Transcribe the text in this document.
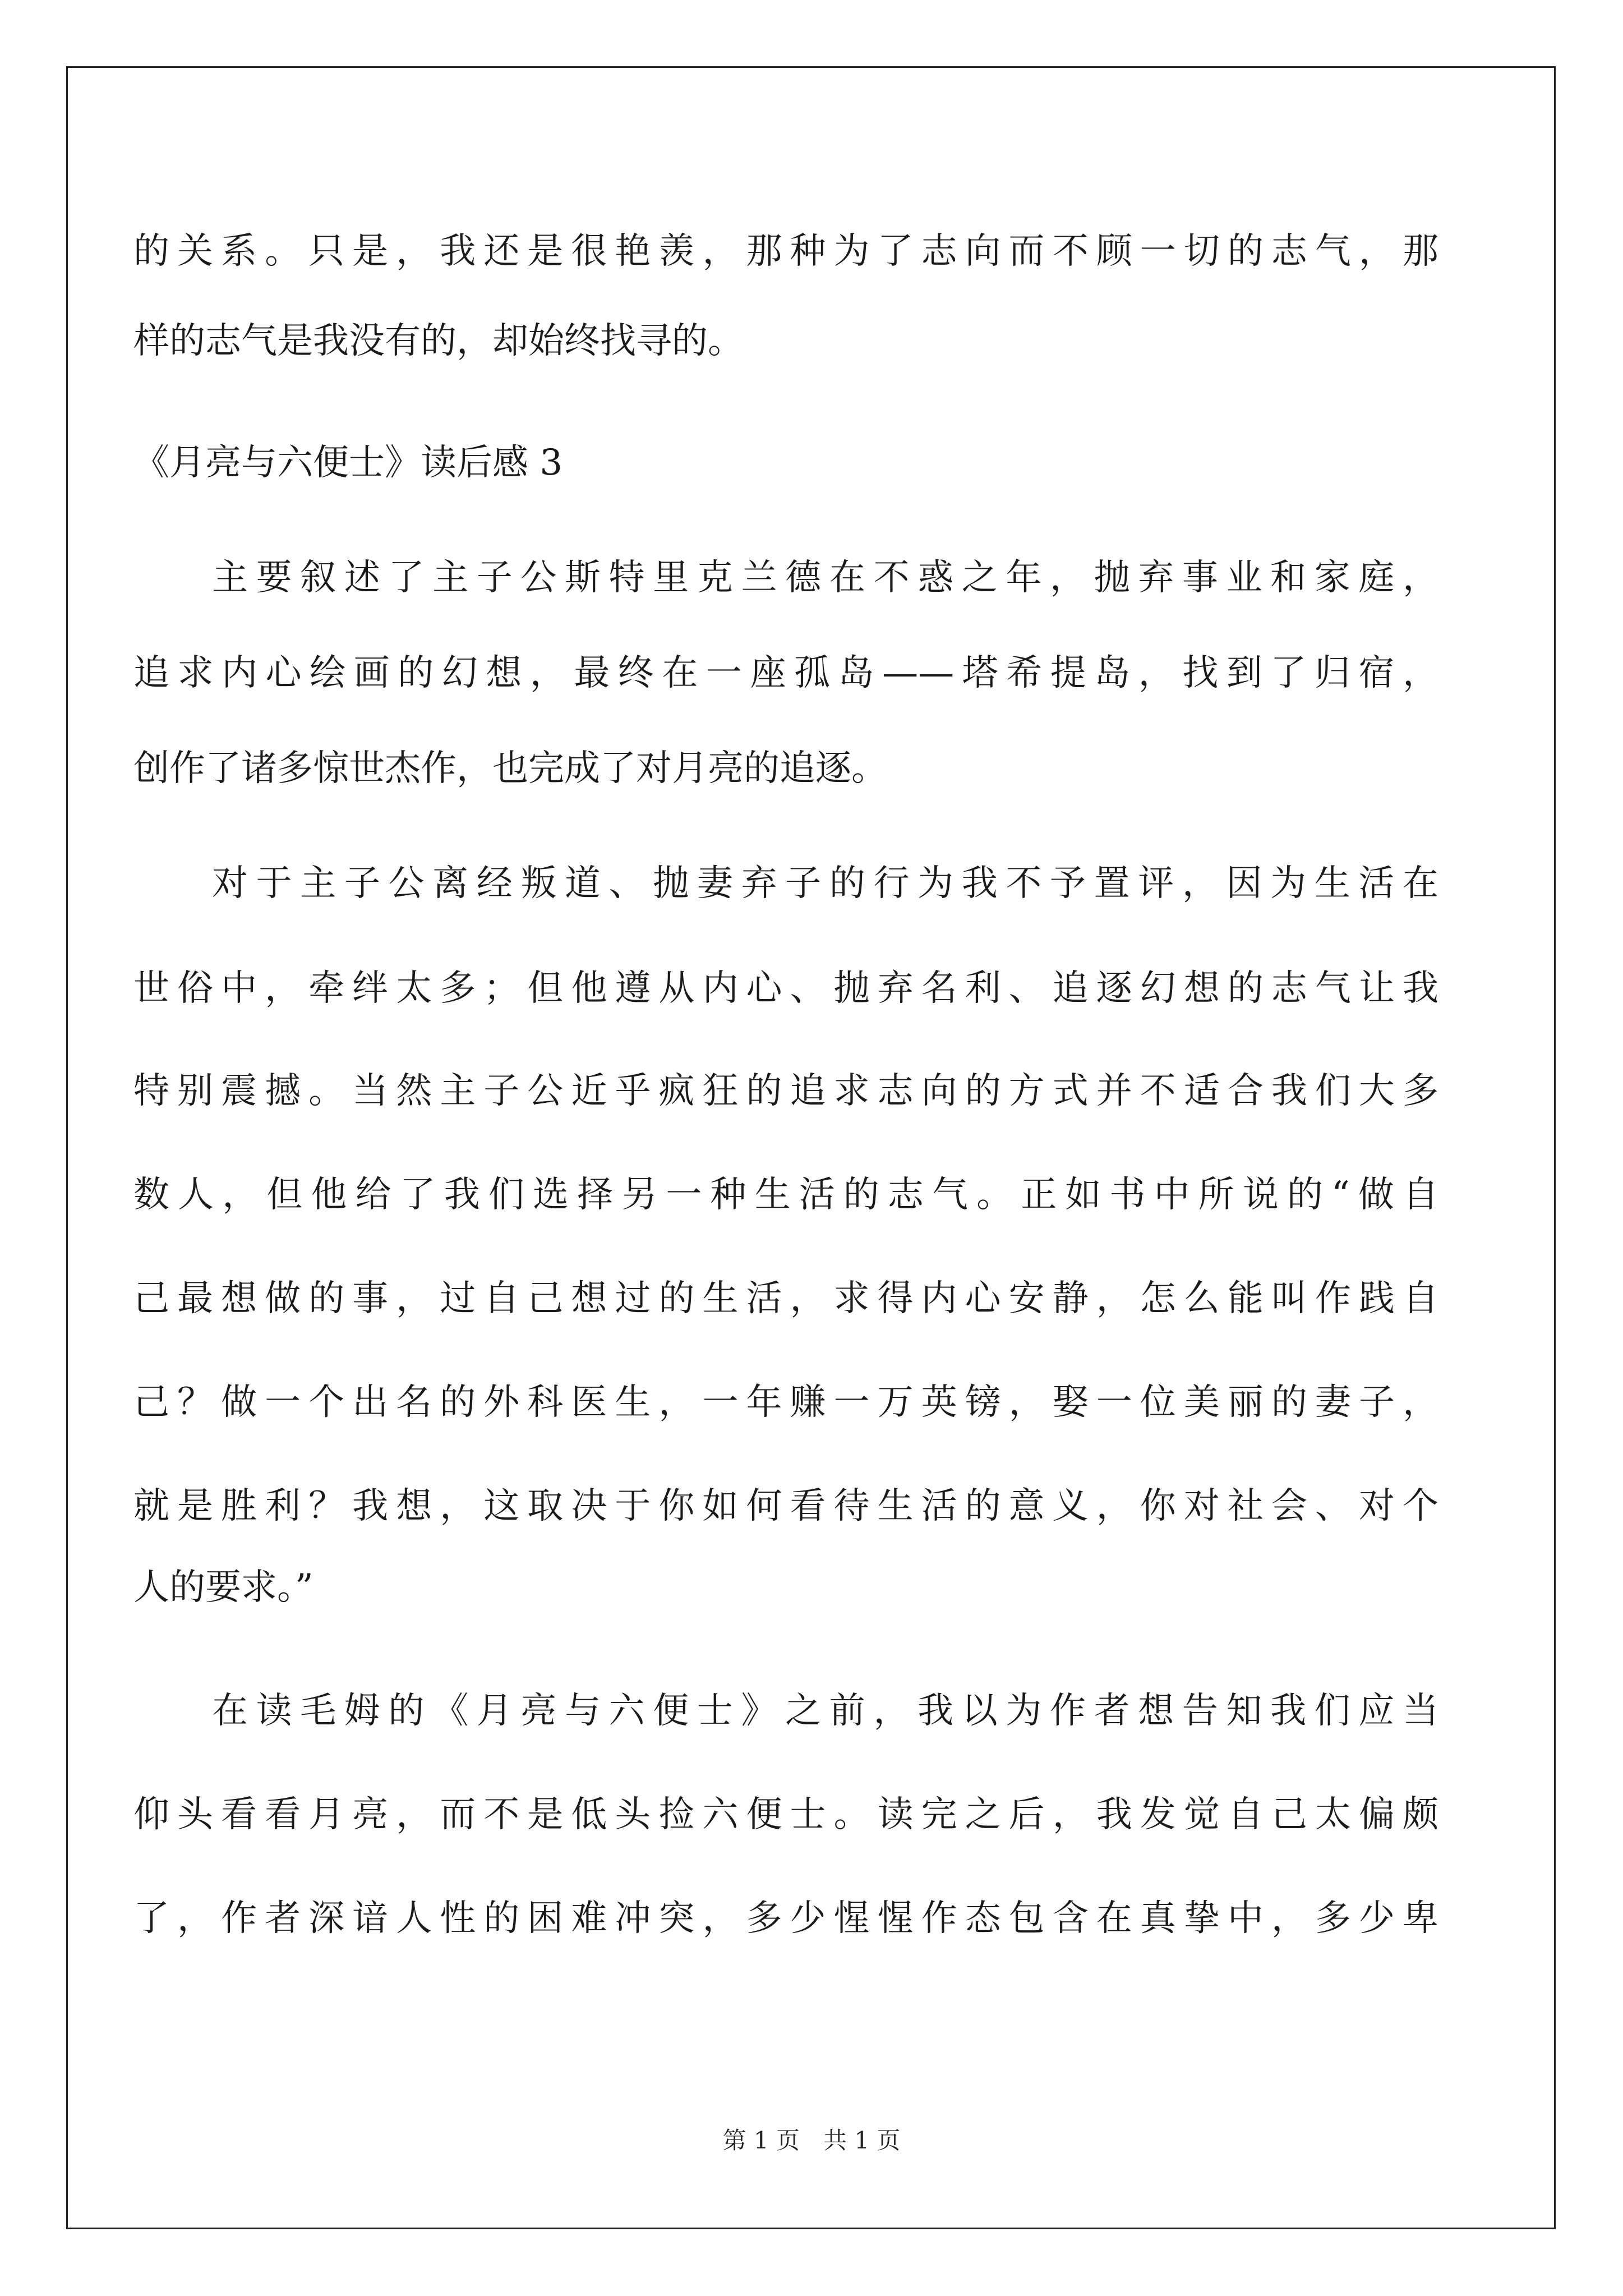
的关系。只是，我还是很艳羡，那种为了志向而不顾一切的志气，那
样的志气是我没有的，却始终找寻的。
《月亮与六便士》读后感 3
主要叙述了主子公斯特里克兰德在不惑之年，抛弃事业和家庭，
追求内心绘画的幻想，最终在一座孤岛——塔希提岛，找到了归宿，
创作了诸多惊世杰作，也完成了对月亮的追逐。
对于主子公离经叛道、抛妻弃子的行为我不予置评，因为生活在
世俗中，牵绊太多；但他遵从内心、抛弃名利、追逐幻想的志气让我
特别震撼。当然主子公近乎疯狂的追求志向的方式并不适合我们大多
数人，但他给了我们选择另一种生活的志气。正如书中所说的“做自
己最想做的事，过自己想过的生活，求得内心安静，怎么能叫作践自
己？做一个出名的外科医生，一年赚一万英镑，娶一位美丽的妻子，
就是胜利？我想，这取决于你如何看待生活的意义，你对社会、对个
人的要求。”
在读毛姆的《月亮与六便士》之前，我以为作者想告知我们应当
仰头看看月亮，而不是低头捡六便士。读完之后，我发觉自己太偏颇
了，作者深谙人性的困难冲突，多少惺惺作态包含在真挚中，多少卑
第 1 页　共 1 页
